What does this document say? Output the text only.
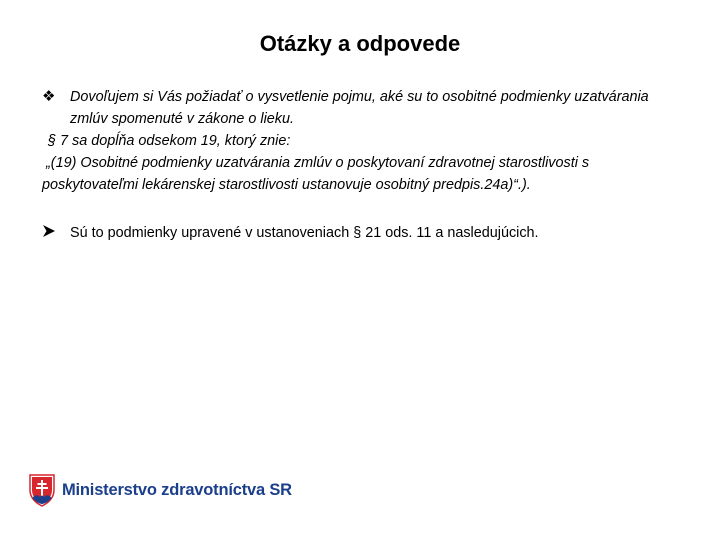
Otázky a odpovede
❖ Dovoľujem si Vás požiadať o vysvetlenie pojmu, aké su to osobitné podmienky uzatvárania zmlúv spomenuté v zákone o lieku.
§ 7 sa dopĺňa odsekom 19, ktorý znie:
„(19) Osobitné podmienky uzatvárania zmlúv o poskytovaní zdravotnej starostlivosti s poskytovateľmi lekárenskej starostlivosti ustanovuje osobitný predpis.24a)“.).
Sú to podmienky upravené v ustanoveniach § 21 ods. 11 a nasledujúcich.
Ministerstvo zdravotníctva SR
